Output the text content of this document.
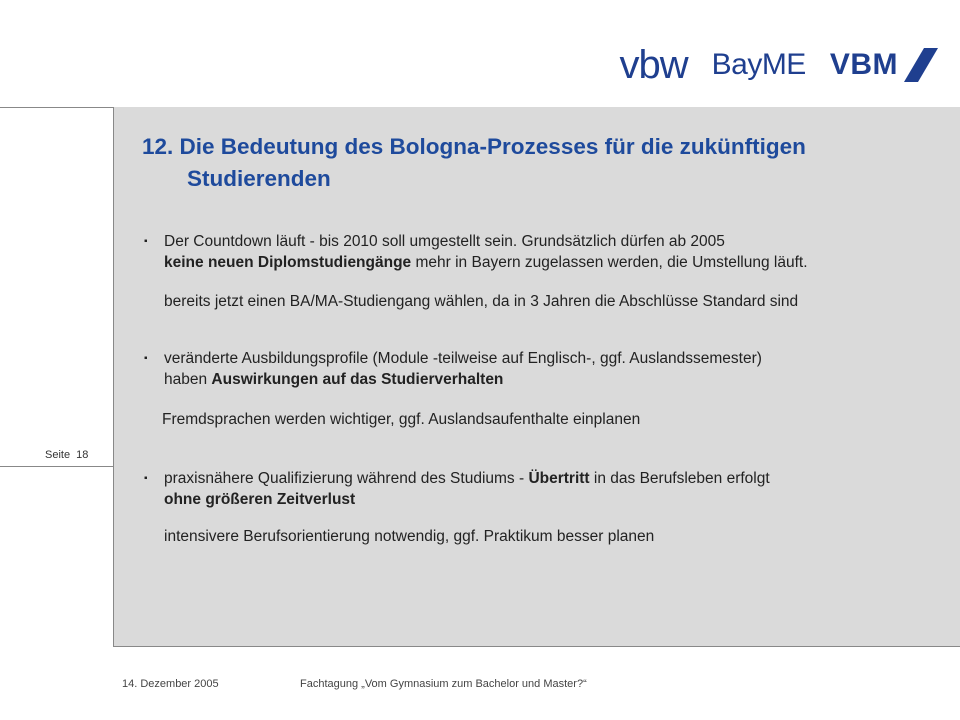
vbw BayME VBM
Seite 18
12. Die Bedeutung des Bologna-Prozesses für die zukünftigen
Studierenden
▪ Der Countdown läuft - bis 2010 soll umgestellt sein. Grundsätzlich dürfen ab 2005
keine neuen Diplomstudiengänge mehr in Bayern zugelassen werden, die Umstellung läuft.
bereits jetzt einen BA/MA-Studiengang wählen, da in 3 Jahren die Abschlüsse Standard sind
▪ veränderte Ausbildungsprofile (Module -teilweise auf Englisch-, ggf. Auslandssemester)
haben Auswirkungen auf das Studierverhalten
Fremdsprachen werden wichtiger, ggf. Auslandsaufenthalte einplanen
▪ praxisnähere Qualifizierung während des Studiums - Übertritt in das Berufsleben erfolgt
ohne größeren Zeitverlust
intensivere Berufsorientierung notwendig, ggf. Praktikum besser planen
14. Dezember 2005	Fachtagung „Vom Gymnasium zum Bachelor und Master?“
